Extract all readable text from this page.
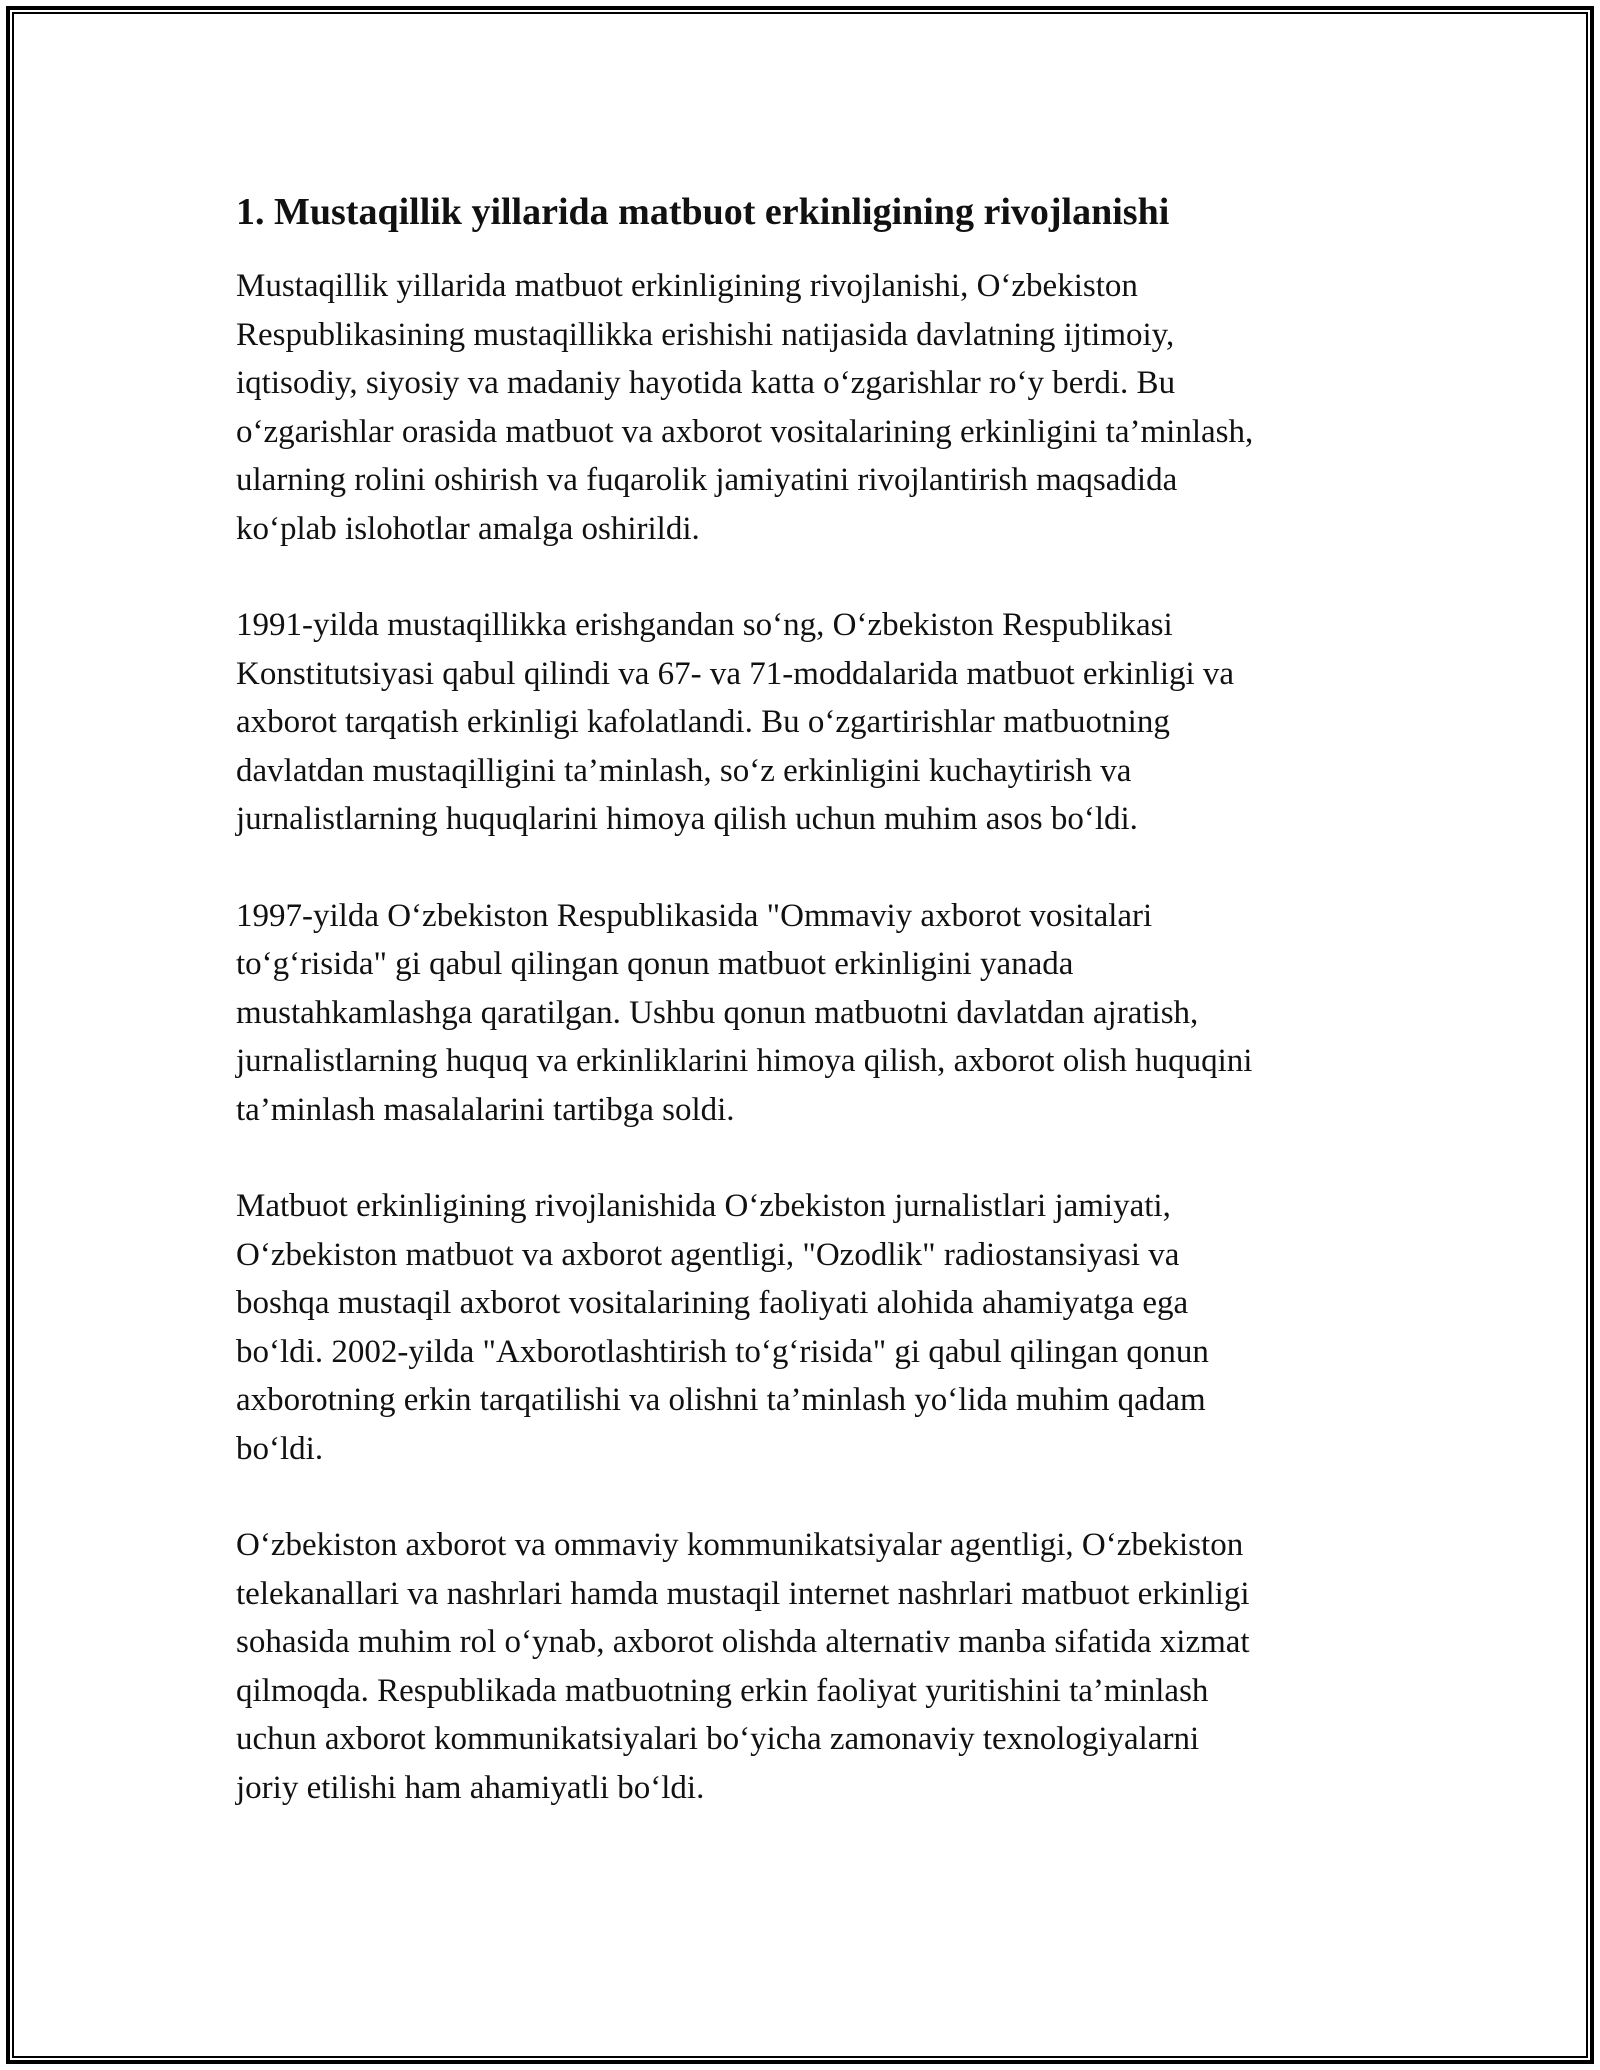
1. Mustaqillik yillarida matbuot erkinligining rivojlanishi
Mustaqillik yillarida matbuot erkinligining rivojlanishi, O‘zbekiston
Respublikasining mustaqillikka erishishi natijasida davlatning ijtimoiy,
iqtisodiy, siyosiy va madaniy hayotida katta o‘zgarishlar ro‘y berdi. Bu
o‘zgarishlar orasida matbuot va axborot vositalarining erkinligini ta’minlash,
ularning rolini oshirish va fuqarolik jamiyatini rivojlantirish maqsadida
ko‘plab islohotlar amalga oshirildi.
1991-yilda mustaqillikka erishgandan so‘ng, O‘zbekiston Respublikasi
Konstitutsiyasi qabul qilindi va 67- va 71-moddalarida matbuot erkinligi va
axborot tarqatish erkinligi kafolatlandi. Bu o‘zgartirishlar matbuotning
davlatdan mustaqilligini ta’minlash, so‘z erkinligini kuchaytirish va
jurnalistlarning huquqlarini himoya qilish uchun muhim asos bo‘ldi.
1997-yilda O‘zbekiston Respublikasida "Ommaviy axborot vositalari
to‘g‘risida" gi qabul qilingan qonun matbuot erkinligini yanada
mustahkamlashga qaratilgan. Ushbu qonun matbuotni davlatdan ajratish,
jurnalistlarning huquq va erkinliklarini himoya qilish, axborot olish huquqini
ta’minlash masalalarini tartibga soldi.
Matbuot erkinligining rivojlanishida O‘zbekiston jurnalistlari jamiyati,
O‘zbekiston matbuot va axborot agentligi, "Ozodlik" radiostansiyasi va
boshqa mustaqil axborot vositalarining faoliyati alohida ahamiyatga ega
bo‘ldi. 2002-yilda "Axborotlashtirish to‘g‘risida" gi qabul qilingan qonun
axborotning erkin tarqatilishi va olishni ta’minlash yo‘lida muhim qadam
bo‘ldi.
O‘zbekiston axborot va ommaviy kommunikatsiyalar agentligi, O‘zbekiston
telekanallari va nashrlari hamda mustaqil internet nashrlari matbuot erkinligi
sohasida muhim rol o‘ynab, axborot olishda alternativ manba sifatida xizmat
qilmoqda. Respublikada matbuotning erkin faoliyat yuritishini ta’minlash
uchun axborot kommunikatsiyalari bo‘yicha zamonaviy texnologiyalarni
joriy etilishi ham ahamiyatli bo‘ldi.
